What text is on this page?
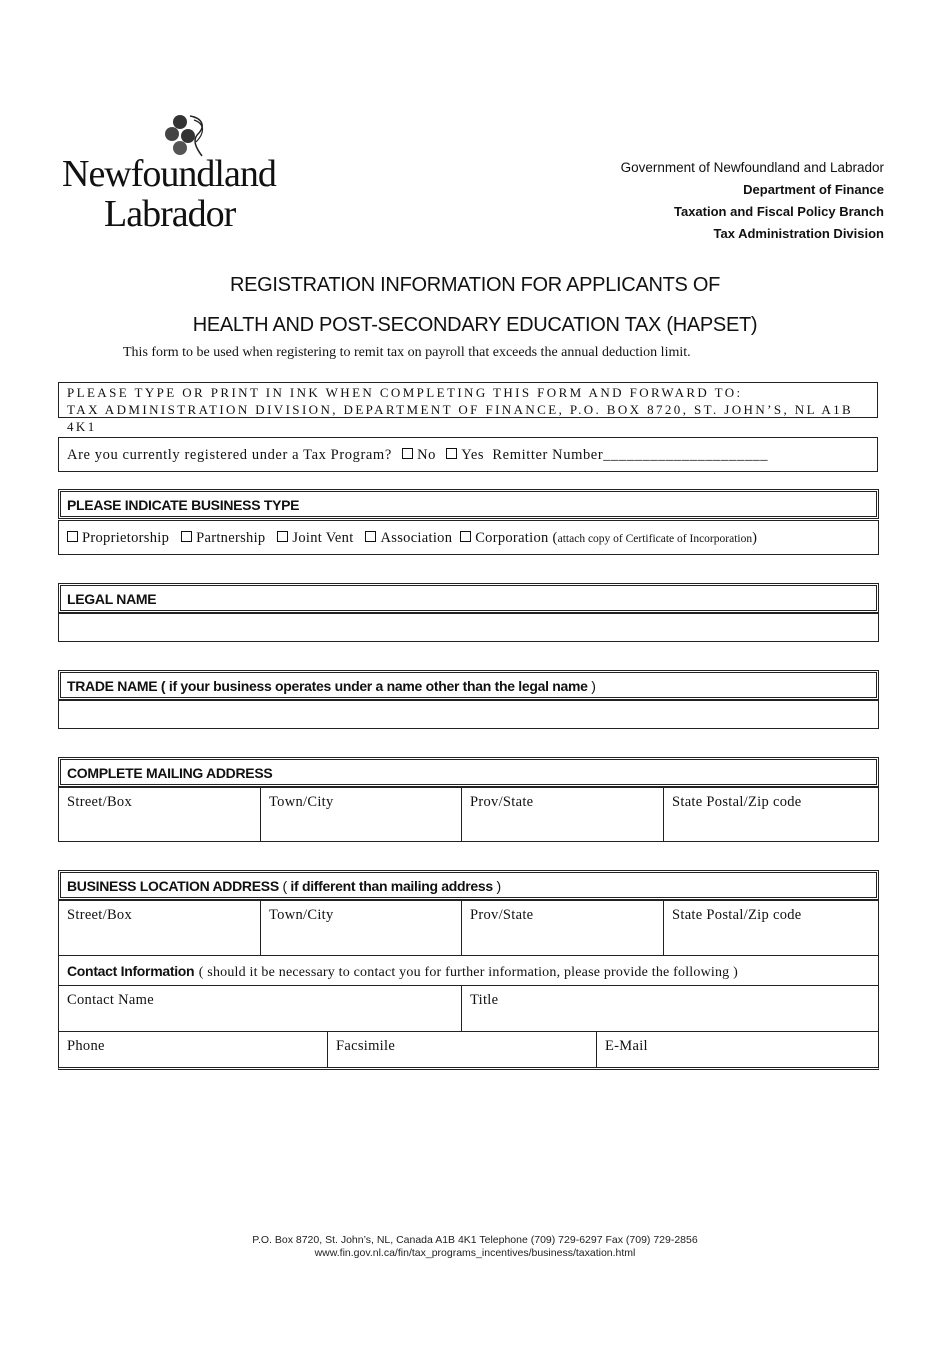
Newfoundland
Labrador
Government of Newfoundland and Labrador
Department of Finance
Taxation and Fiscal Policy Branch
Tax Administration Division
REGISTRATION INFORMATION FOR APPLICANTS OF
HEALTH AND POST-SECONDARY EDUCATION TAX (HAPSET)
This form to be used when registering to remit tax on payroll that exceeds the annual deduction limit.
PLEASE TYPE OR PRINT IN INK WHEN COMPLETING THIS FORM AND FORWARD TO:
TAX ADMINISTRATION DIVISION, DEPARTMENT OF FINANCE, P.O. BOX 8720, ST. JOHN’S, NL A1B 4K1
Are you currently registered under a Tax Program? No Yes Remitter Number_____________________
PLEASE INDICATE BUSINESS TYPE
Proprietorship Partnership Joint Vent Association Corporation (attach copy of Certificate of Incorporation)
LEGAL NAME
TRADE NAME ( if your business operates under a name other than the legal name )
COMPLETE MAILING ADDRESS
Street/Box	Town/City	Prov/State	State Postal/Zip code
BUSINESS LOCATION ADDRESS ( if different than mailing address )
Street/Box	Town/City	Prov/State	State Postal/Zip code
Contact Information ( should it be necessary to contact you for further information, please provide the following )
Contact Name	Title
Phone	Facsimile	E-Mail
P.O. Box 8720, St. John’s, NL, Canada A1B 4K1 Telephone (709) 729-6297 Fax (709) 729-2856
www.fin.gov.nl.ca/fin/tax_programs_incentives/business/taxation.html
